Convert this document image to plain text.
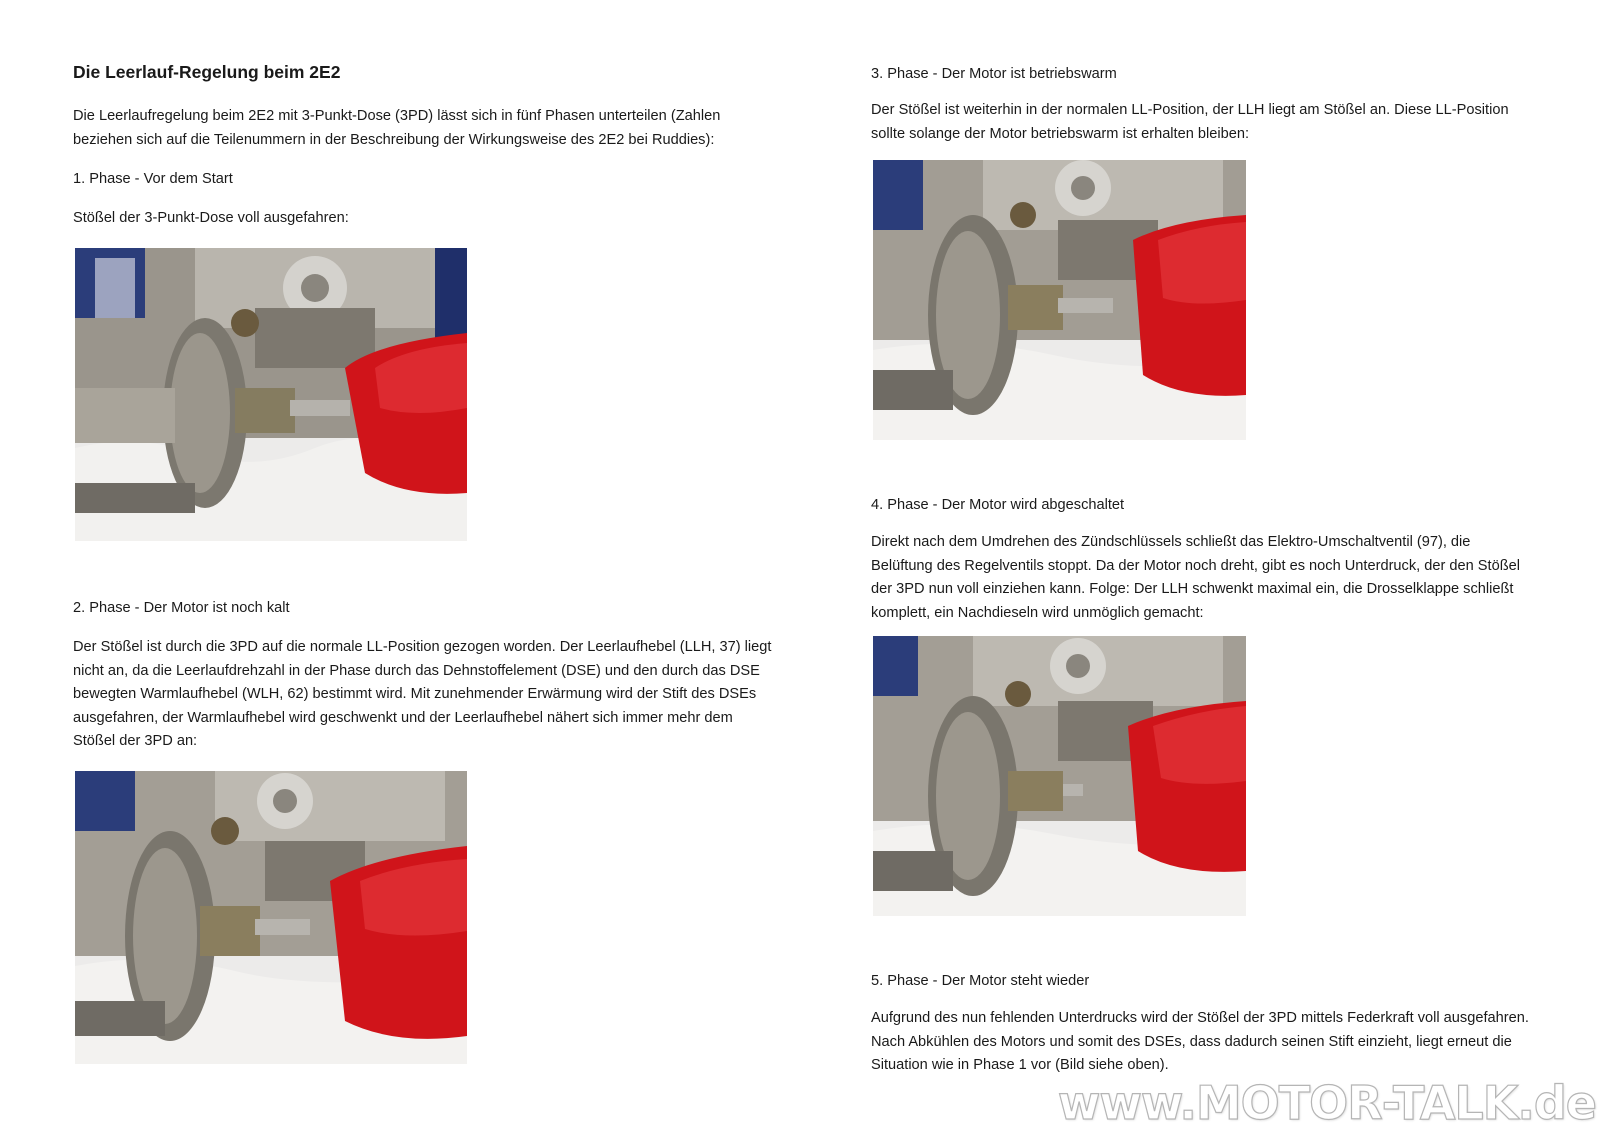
Die Leerlauf-Regelung beim 2E2

Die Leerlaufregelung beim 2E2 mit 3-Punkt-Dose (3PD) lässt sich in fünf Phasen unterteilen (Zahlen beziehen sich auf die Teilenummern in der Beschreibung der Wirkungsweise des 2E2 bei Ruddies):

1. Phase - Vor dem Start

Stößel der 3-Punkt-Dose voll ausgefahren:

2. Phase - Der Motor ist noch kalt

Der Stößel ist durch die 3PD auf die normale LL-Position gezogen worden. Der Leerlaufhebel (LLH, 37) liegt nicht an, da die Leerlaufdrehzahl in der Phase durch das Dehnstoffelement (DSE) und den durch das DSE bewegten Warmlaufhebel (WLH, 62) bestimmt wird. Mit zunehmender Erwärmung wird der Stift des DSEs ausgefahren, der Warmlaufhebel wird geschwenkt und der Leerlaufhebel nähert sich immer mehr dem Stößel der 3PD an:

3. Phase - Der Motor ist betriebswarm

Der Stößel ist weiterhin in der normalen LL-Position, der LLH liegt am Stößel an. Diese LL-Position sollte solange der Motor betriebswarm ist erhalten bleiben:

4. Phase - Der Motor wird abgeschaltet

Direkt nach dem Umdrehen des Zündschlüssels schließt das Elektro-Umschaltventil (97), die Belüftung des Regelventils stoppt. Da der Motor noch dreht, gibt es noch Unterdruck, der den Stößel der 3PD nun voll einziehen kann. Folge: Der LLH schwenkt maximal ein, die Drosselklappe schließt komplett, ein Nachdieseln wird unmöglich gemacht:

5. Phase - Der Motor steht wieder

Aufgrund des nun fehlenden Unterdrucks wird der Stößel der 3PD mittels Federkraft voll ausgefahren. Nach Abkühlen des Motors und somit des DSEs, dass dadurch seinen Stift einzieht, liegt erneut die Situation wie in Phase 1 vor (Bild siehe oben).

www.MOTOR-TALK.de
